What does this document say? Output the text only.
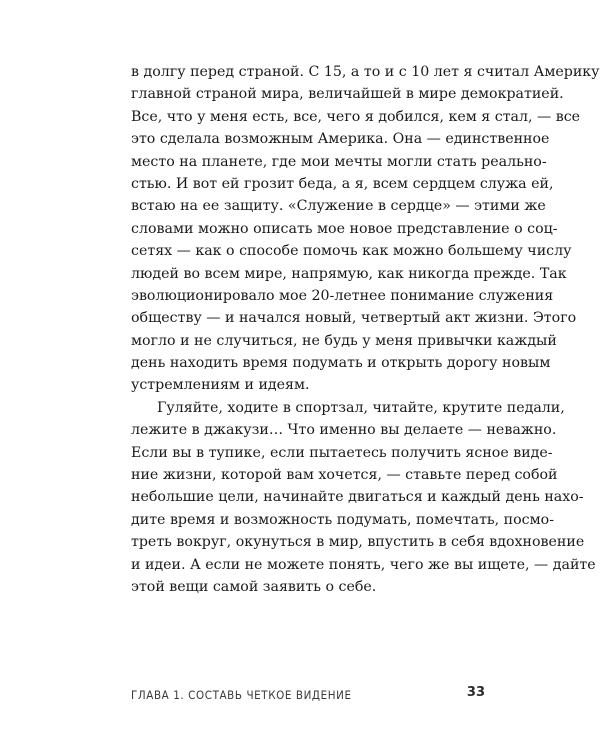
в долгу перед страной. С 15, а то и с 10 лет я считал Америку
главной страной мира, величайшей в мире демократией.
Все, что у меня есть, все, чего я добился, кем я стал, — все
это сделала возможным Америка. Она — единственное
место на планете, где мои мечты могли стать реально-
стью. И вот ей грозит беда, а я, всем сердцем служа ей,
встаю на ее защиту. «Служение в сердце» — этими же
словами можно описать мое новое представление о соц-
сетях — как о способе помочь как можно большему числу
людей во всем мире, напрямую, как никогда прежде. Так
эволюционировало мое 20-летнее понимание служения
обществу — и начался новый, четвертый акт жизни. Этого
могло и не случиться, не будь у меня привычки каждый
день находить время подумать и открыть дорогу новым
устремлениям и идеям.
Гуляйте, ходите в спортзал, читайте, крутите педали,
лежите в джакузи… Что именно вы делаете — неважно.
Если вы в тупике, если пытаетесь получить ясное виде-
ние жизни, которой вам хочется, — ставьте перед собой
небольшие цели, начинайте двигаться и каждый день нахо-
дите время и возможность подумать, помечтать, посмо-
треть вокруг, окунуться в мир, впустить в себя вдохновение
и идеи. А если не можете понять, чего же вы ищете, — дайте
этой вещи самой заявить о себе.
ГЛАВА 1. СОСТАВЬ ЧЕТКОЕ ВИДЕНИЕ	33
